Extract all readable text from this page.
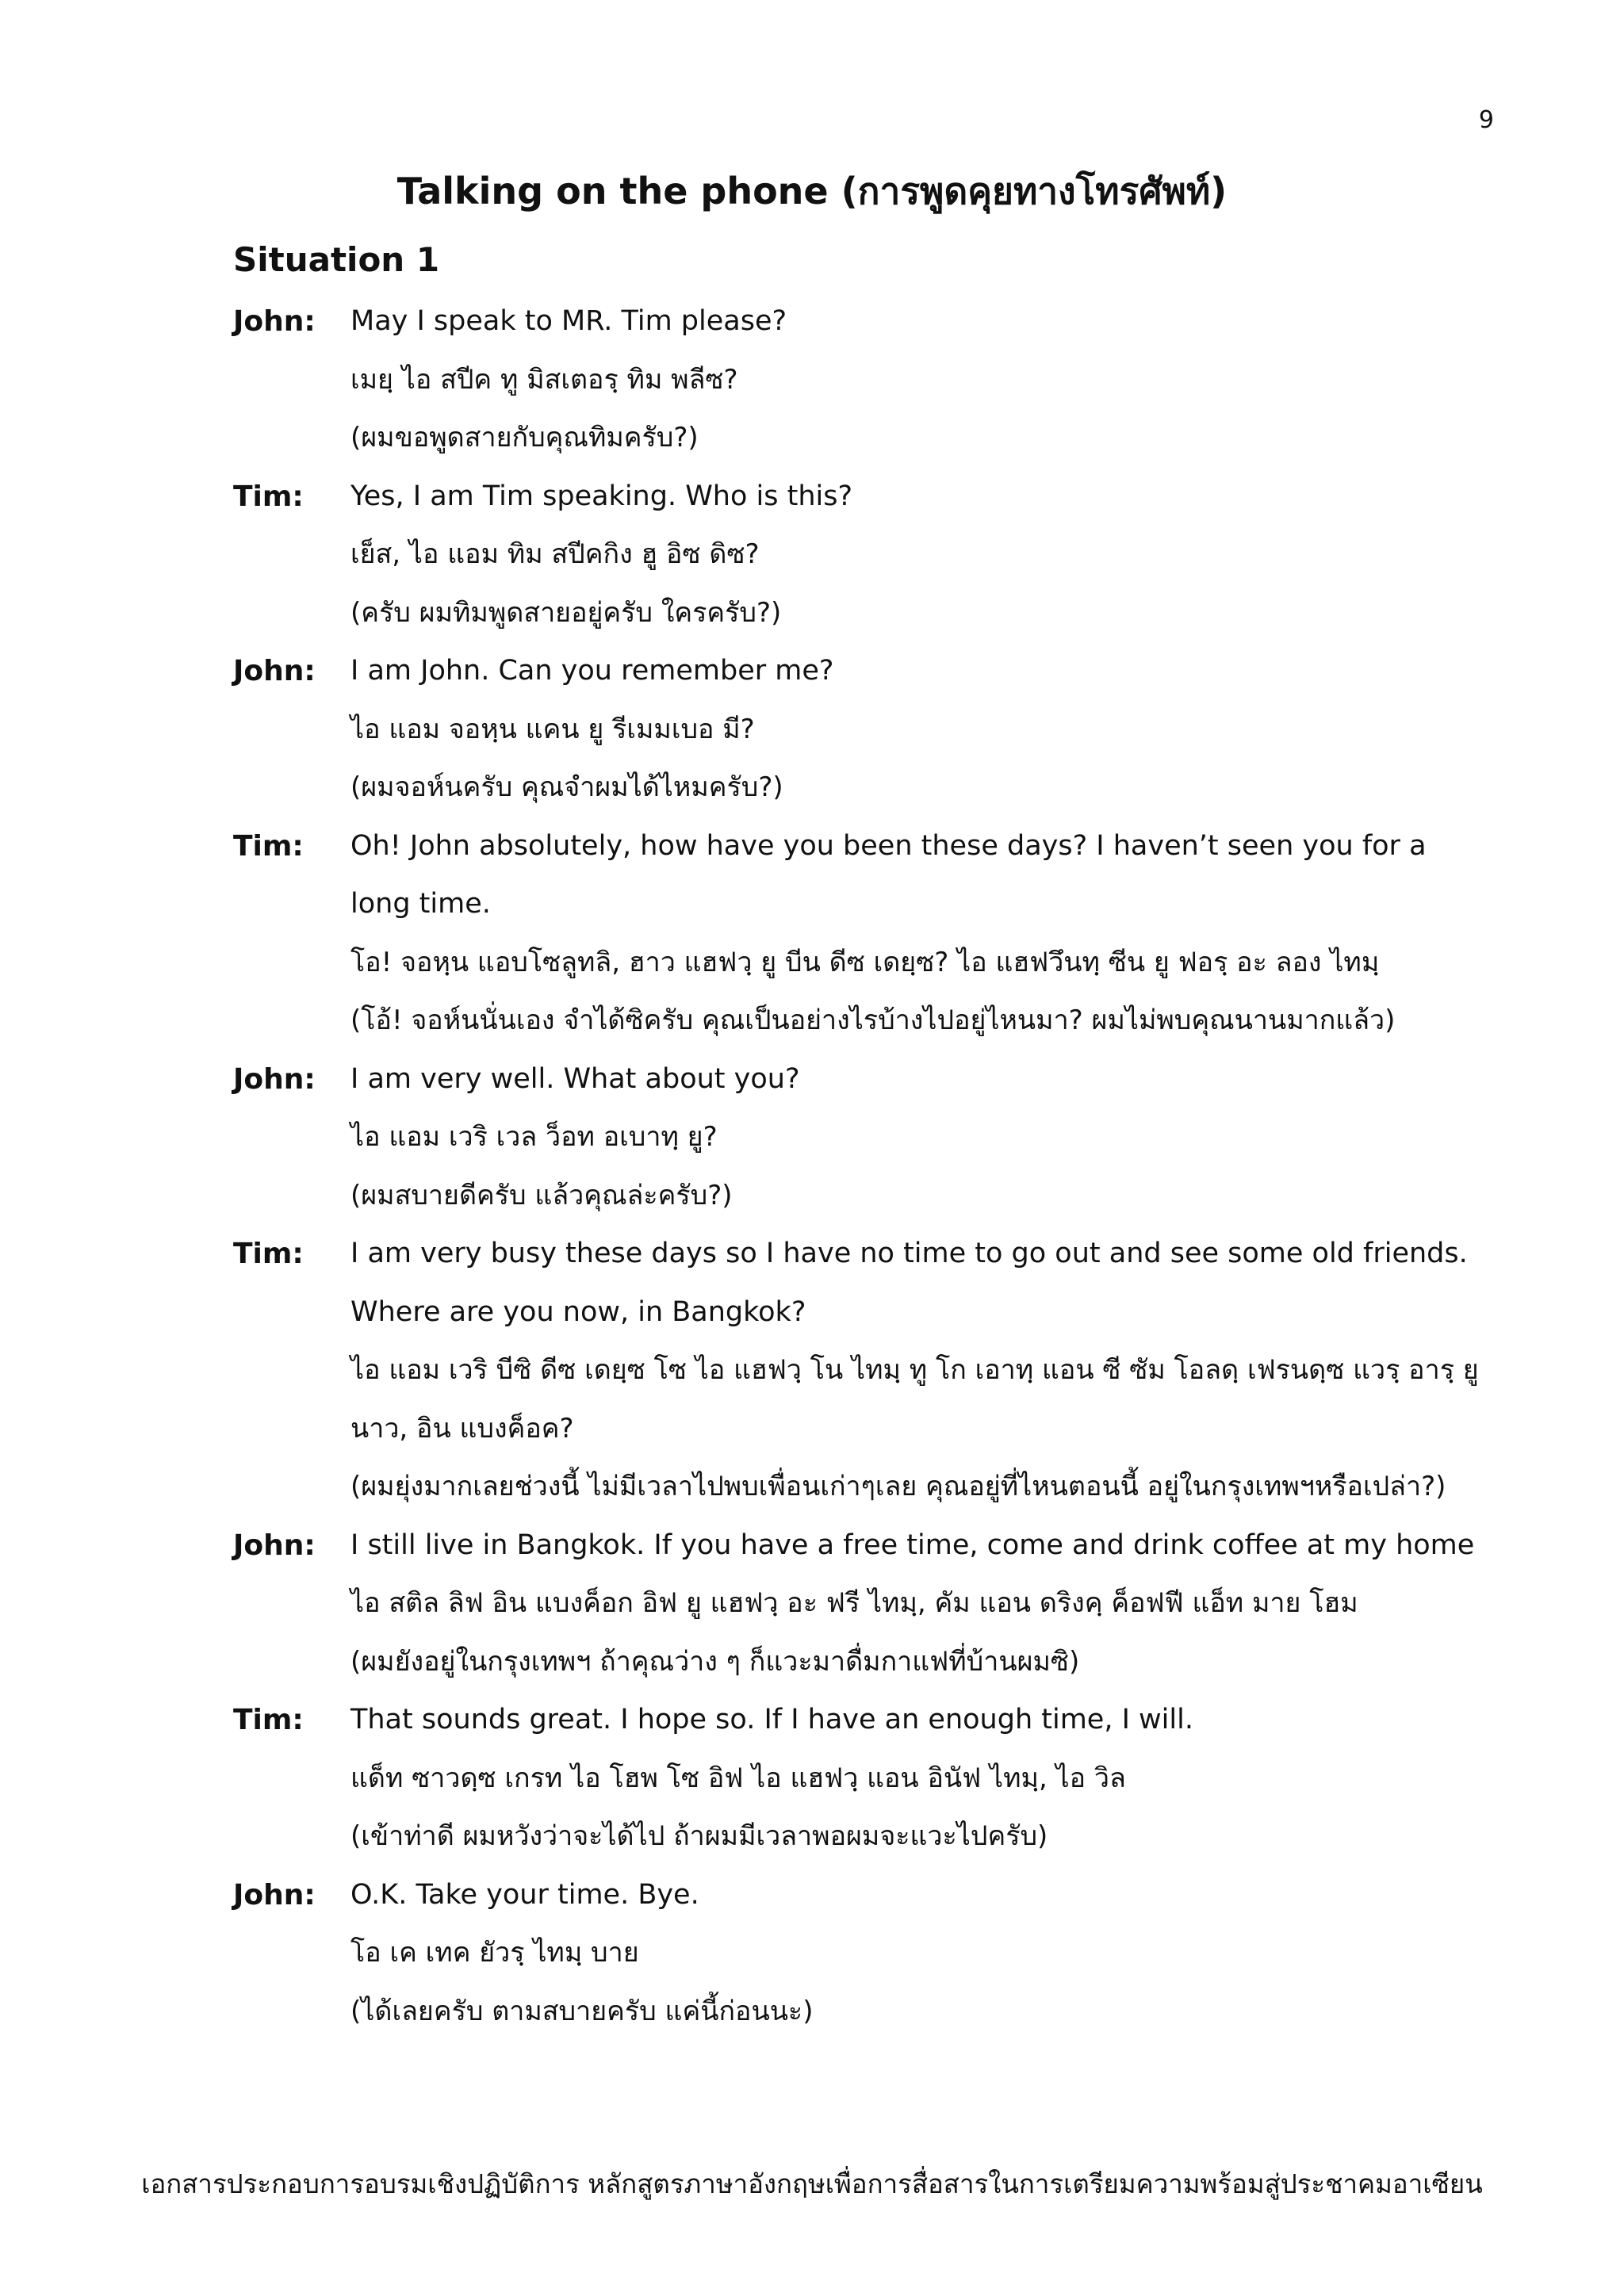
9
Talking on the phone (การพูดคุยทางโทรศัพท์)
Situation 1
John:	May I speak to MR. Tim please?
เมยฺ ไอ สปีค ทู มิสเตอรฺ ทิม พลีซ?
(ผมขอพูดสายกับคุณทิมครับ?)
Tim:	Yes, I am Tim speaking. Who is this?
เย็ส, ไอ แอม ทิม สปีคกิง ฮู อิซ ดิซ?
(ครับ ผมทิมพูดสายอยู่ครับ ใครครับ?)
John:	I am John. Can you remember me?
ไอ แอม จอหฺน แคน ยู รีเมมเบอ มี?
(ผมจอห์นครับ คุณจำผมได้ไหมครับ?)
Tim:	Oh! John absolutely, how have you been these days? I haven’t seen you for a long time.
โอ! จอหฺน แอบโซลูทลิ, ฮาว แฮฟวฺ ยู บีน ดีซ เดยฺซ? ไอ แฮฟวึนทฺ ซีน ยู ฟอรฺ อะ ลอง ไทมฺ
(โอ้! จอห์นนั่นเอง จำได้ซิครับ คุณเป็นอย่างไรบ้างไปอยู่ไหนมา? ผมไม่พบคุณนานมากแล้ว)
John:	I am very well. What about you?
ไอ แอม เวริ เวล ว็อท อเบาทฺ ยู?
(ผมสบายดีครับ แล้วคุณล่ะครับ?)
Tim:	I am very busy these days so I have no time to go out and see some old friends. Where are you now, in Bangkok?
ไอ แอม เวริ บีซิ ดีซ เดยฺซ โซ ไอ แฮฟวฺ โน ไทมฺ ทู โก เอาทฺ แอน ซี ซัม โอลดฺ เฟรนดฺซ แวรฺ อารฺ ยู นาว, อิน แบงค็อค?
(ผมยุ่งมากเลยช่วงนี้ ไม่มีเวลาไปพบเพื่อนเก่าๆเลย คุณอยู่ที่ไหนตอนนี้ อยู่ในกรุงเทพฯหรือเปล่า?)
John:	I still live in Bangkok. If you have a free time, come and drink coffee at my home
ไอ สติล ลิฟ อิน แบงค็อก อิฟ ยู แฮฟวฺ อะ ฟรี ไทมฺ, คัม แอน ดริงคฺ ค็อฟฟี แอ็ท มาย โฮม
(ผมยังอยู่ในกรุงเทพฯ ถ้าคุณว่าง ๆ ก็แวะมาดื่มกาแฟที่บ้านผมซิ)
Tim:	That sounds great. I hope so. If I have an enough time, I will.
แด็ท ซาวดฺซ เกรท ไอ โฮพ โซ อิฟ ไอ แฮฟวฺ แอน อินัฟ ไทมฺ, ไอ วิล
(เข้าท่าดี ผมหวังว่าจะได้ไป ถ้าผมมีเวลาพอผมจะแวะไปครับ)
John:	O.K. Take your time. Bye.
โอ เค เทค ยัวรฺ ไทมฺ บาย
(ได้เลยครับ ตามสบายครับ แค่นี้ก่อนนะ)
เอกสารประกอบการอบรมเชิงปฏิบัติการ หลักสูตรภาษาอังกฤษเพื่อการสื่อสารในการเตรียมความพร้อมสู่ประชาคมอาเซียน
